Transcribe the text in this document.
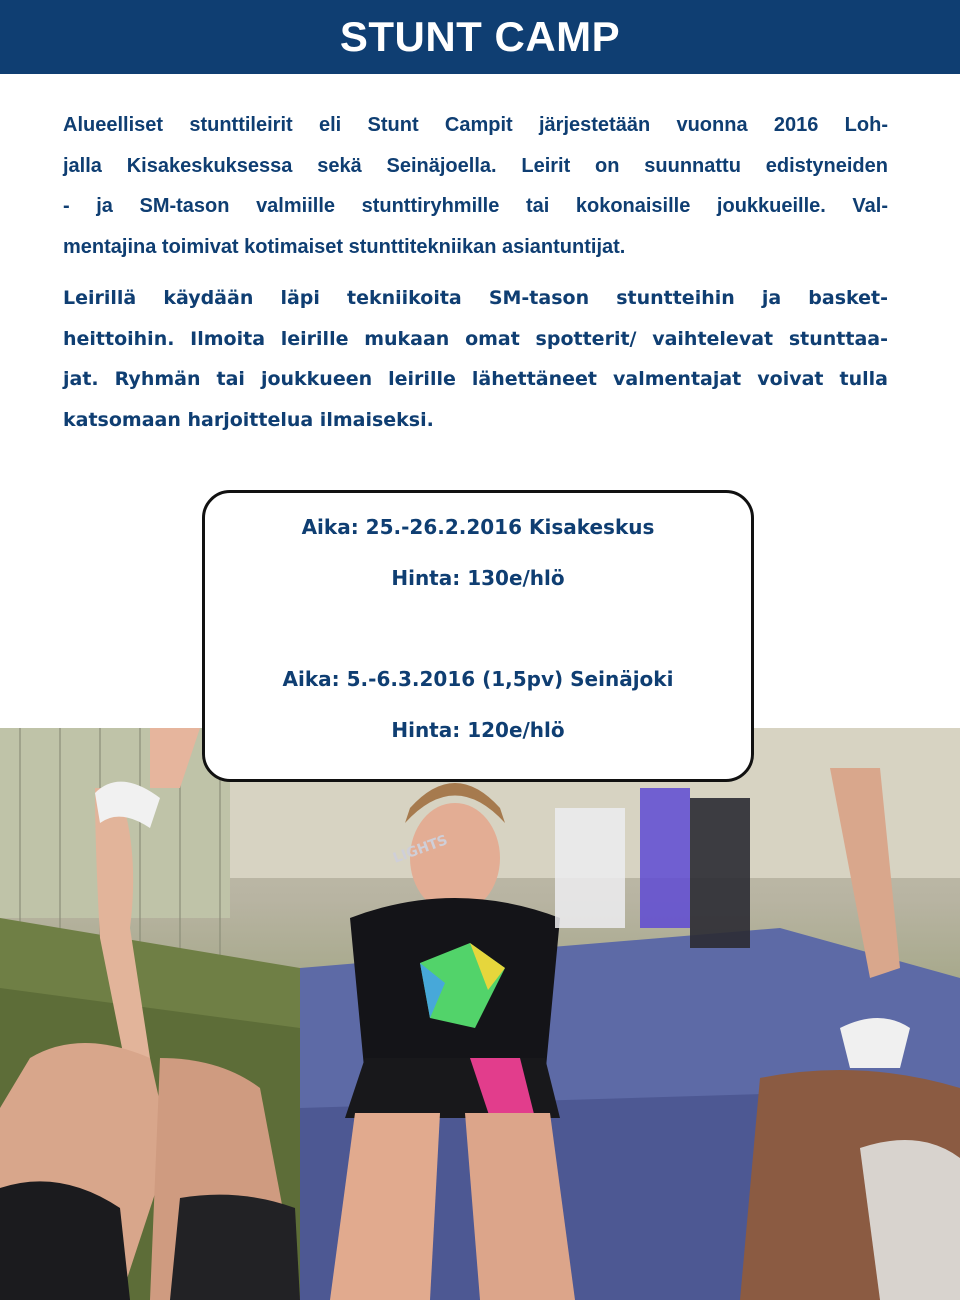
STUNT CAMP

Alueelliset stunttileirit eli Stunt Campit järjestetään vuonna 2016 Loh-
jalla Kisakeskuksessa sekä Seinäjoella. Leirit on suunnattu edistyneiden
- ja SM-tason valmiille stunttiryhmille tai kokonaisille joukkueille. Val-
mentajina toimivat kotimaiset stunttitekniikan asiantuntijat.

Leirillä käydään läpi tekniikoita SM-tason stuntteihin ja basket-
heittoihin. Ilmoita leirille mukaan omat spotterit/ vaihtelevat stunttaa-
jat. Ryhmän tai joukkueen leirille lähettäneet valmentajat voivat tulla
katsomaan harjoittelua ilmaiseksi.

LIGHTS
Aika: 25.-26.2.2016 Kisakeskus
Hinta: 130e/hlö
Aika: 5.-6.3.2016 (1,5pv) Seinäjoki
Hinta: 120e/hlö
